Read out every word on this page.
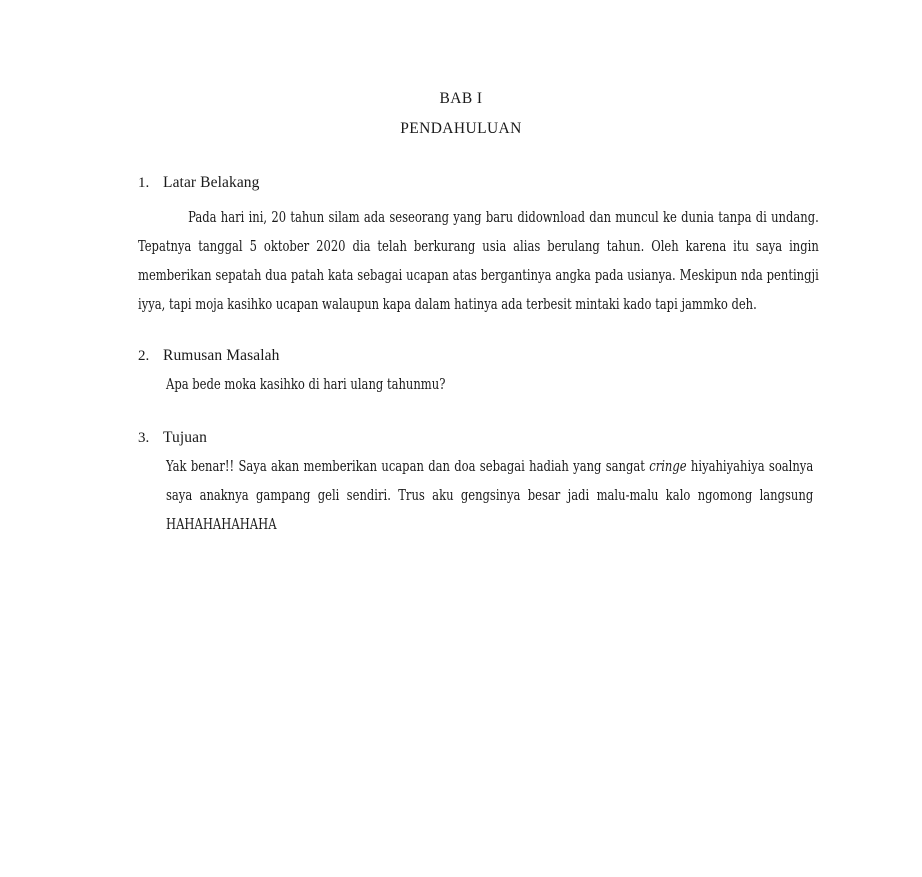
BAB I
PENDAHULUAN
1. Latar Belakang
Pada hari ini, 20 tahun silam ada seseorang yang baru didownload dan muncul ke dunia tanpa di undang. Tepatnya tanggal 5 oktober 2020 dia telah berkurang usia alias berulang tahun. Oleh karena itu saya ingin memberikan sepatah dua patah kata sebagai ucapan atas bergantinya angka pada usianya. Meskipun nda pentingji iyya, tapi moja kasihko ucapan walaupun kapa dalam hatinya ada terbesit mintaki kado tapi jammko deh.
2. Rumusan Masalah
Apa bede moka kasihko di hari ulang tahunmu?
3. Tujuan
Yak benar!! Saya akan memberikan ucapan dan doa sebagai hadiah yang sangat cringe hiyahiyahiya soalnya saya anaknya gampang geli sendiri. Trus aku gengsinya besar jadi malu-malu kalo ngomong langsung HAHAHAHAHAHA
